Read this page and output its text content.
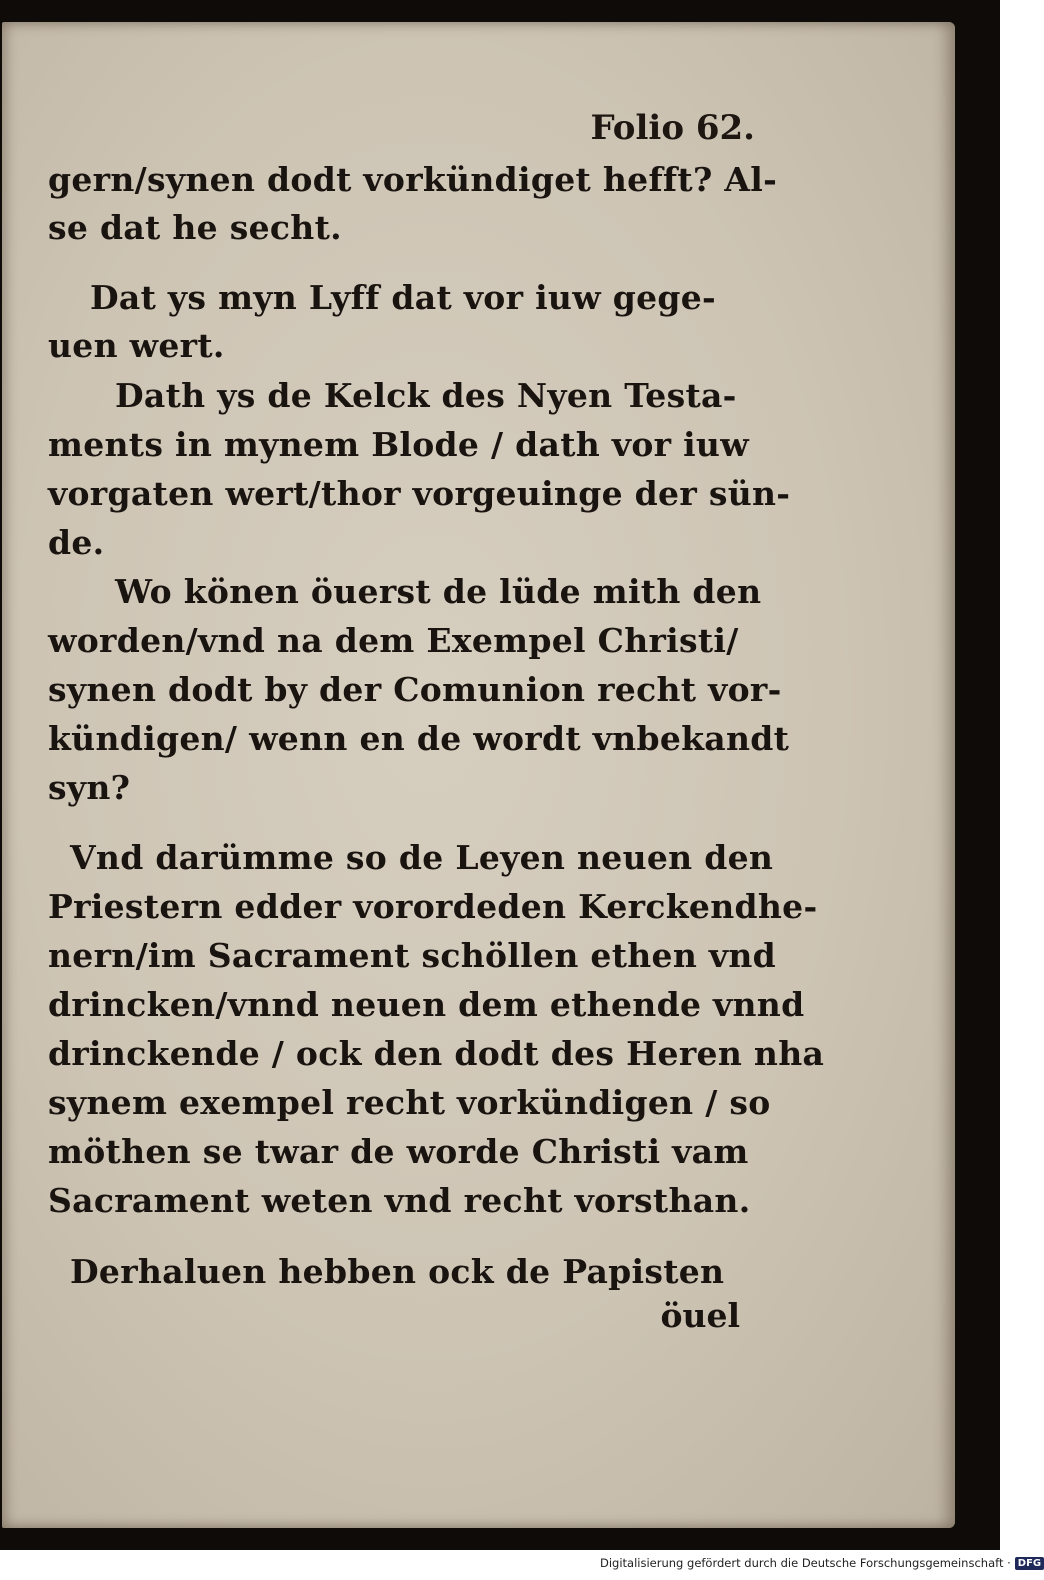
Folio 62.
gern/synen dodt vorkündiget hefft? Al-
se dat he secht.
Dat ys myn Lyff dat vor iuw gege-
uen wert.
Dath ys de Kelck des Nyen Testa-
ments in mynem Blode / dath vor iuw
vorgaten wert/thor vorgeuinge der sün-
de.
Wo könen öuerst de lüde mith den
worden/vnd na dem Exempel Christi/
synen dodt by der Comunion recht vor-
kündigen/ wenn en de wordt vnbekandt
syn?
Vnd darümme so de Leyen neuen den
Priestern edder vorordeden Kerckendhe-
nern/im Sacrament schöllen ethen vnd
drincken/vnnd neuen dem ethende vnnd
drinckende / ock den dodt des Heren nha
synem exempel recht vorkündigen / so
möthen se twar de worde Christi vam
Sacrament weten vnd recht vorsthan.
Derhaluen hebben ock de Papisten
öuel
Digitalisierung gefördert durch die Deutsche Forschungsgemeinschaft · DFG
